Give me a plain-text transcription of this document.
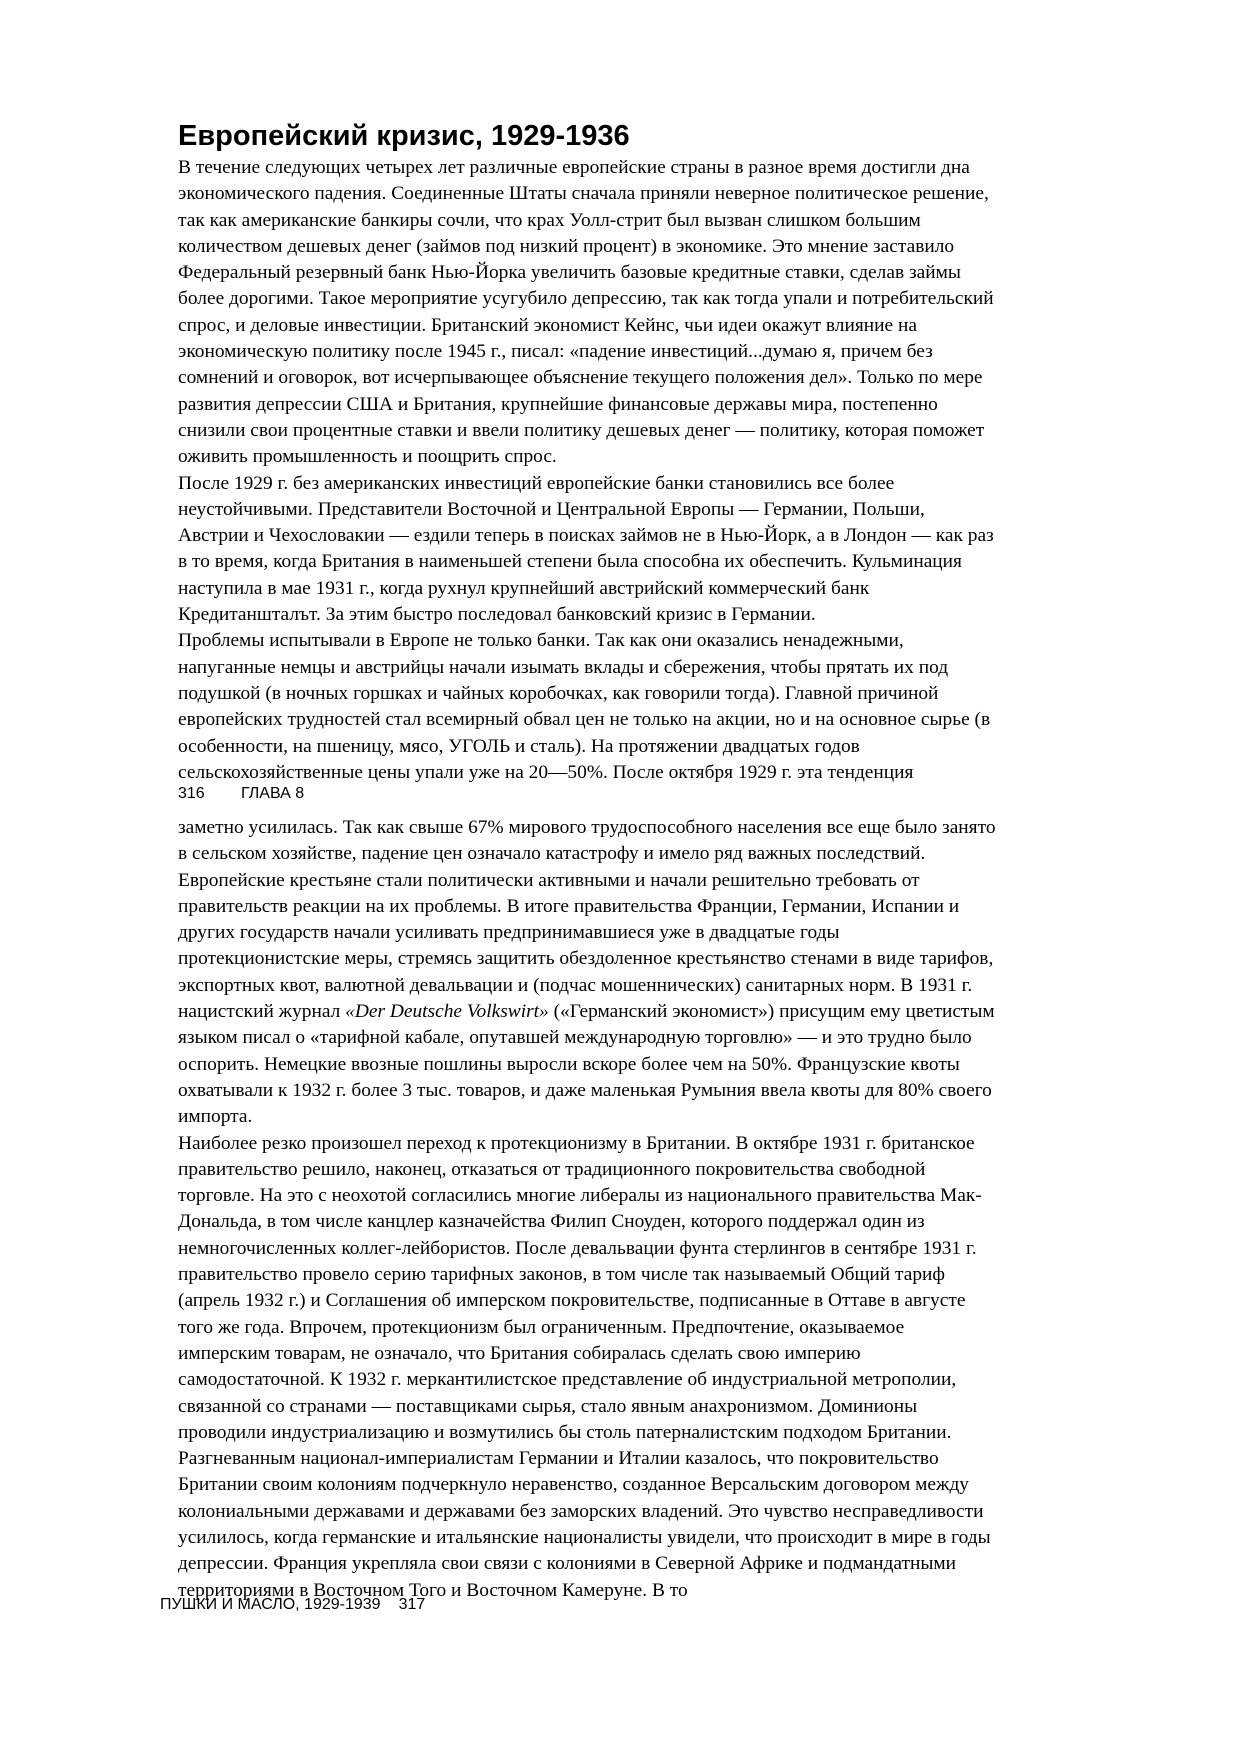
Европейский кризис, 1929-1936

В течение следующих четырех лет различные европейские страны в разное время достигли дна
экономического падения. Соединенные Штаты сначала приняли неверное политическое решение,
так как американские банкиры сочли, что крах Уолл-стрит был вызван слишком большим
количеством дешевых денег (займов под низкий процент) в экономике. Это мнение заставило
Федеральный резервный банк Нью-Йорка увеличить базовые кредитные ставки, сделав займы
более дорогими. Такое мероприятие усугубило депрессию, так как тогда упали и потребительский
спрос, и деловые инвестиции. Британский экономист Кейнс, чьи идеи окажут влияние на
экономическую политику после 1945 г., писал: «падение инвестиций...думаю я, причем без
сомнений и оговорок, вот исчерпывающее объяснение текущего положения дел». Только по мере
развития депрессии США и Британия, крупнейшие финансовые державы мира, постепенно
снизили свои процентные ставки и ввели политику дешевых денег — политику, которая поможет
оживить промышленность и поощрить спрос.

После 1929 г. без американских инвестиций европейские банки становились все более
неустойчивыми. Представители Восточной и Центральной Европы — Германии, Польши,
Австрии и Чехословакии — ездили теперь в поисках займов не в Нью-Йорк, а в Лондон — как раз
в то время, когда Британия в наименьшей степени была способна их обеспечить. Кульминация
наступила в мае 1931 г., когда рухнул крупнейший австрийский коммерческий банк
Кредитаншталът. За этим быстро последовал банковский кризис в Германии.

Проблемы испытывали в Европе не только банки. Так как они оказались ненадежными,
напуганные немцы и австрийцы начали изымать вклады и сбережения, чтобы прятать их под
подушкой (в ночных горшках и чайных коробочках, как говорили тогда). Главной причиной
европейских трудностей стал всемирный обвал цен не только на акции, но и на основное сырье (в
особенности, на пшеницу, мясо, УГОЛЬ и сталь). На протяжении двадцатых годов
сельскохозяйственные цены упали уже на 20—50%. После октября 1929 г. эта тенденция

316 ГЛАВА 8

заметно усилилась. Так как свыше 67% мирового трудоспособного населения все еще было занято
в сельском хозяйстве, падение цен означало катастрофу и имело ряд важных последствий.
Европейские крестьяне стали политически активными и начали решительно требовать от
правительств реакции на их проблемы. В итоге правительства Франции, Германии, Испании и
других государств начали усиливать предпринимавшиеся уже в двадцатые годы
протекционистские меры, стремясь защитить обездоленное крестьянство стенами в виде тарифов,
экспортных квот, валютной девальвации и (подчас мошеннических) санитарных норм. В 1931 г.
нацистский журнал «Der Deutsche Volkswirt» («Германский экономист») присущим ему цветистым
языком писал о «тарифной кабале, опутавшей международную торговлю» — и это трудно было
оспорить. Немецкие ввозные пошлины выросли вскоре более чем на 50%. Французские квоты
охватывали к 1932 г. более 3 тыс. товаров, и даже маленькая Румыния ввела квоты для 80% своего
импорта.

Наиболее резко произошел переход к протекционизму в Британии. В октябре 1931 г. британское
правительство решило, наконец, отказаться от традиционного покровительства свободной
торговле. На это с неохотой согласились многие либералы из национального правительства Мак-
Дональда, в том числе канцлер казначейства Филип Сноуден, которого поддержал один из
немногочисленных коллег-лейбористов. После девальвации фунта стерлингов в сентябре 1931 г.
правительство провело серию тарифных законов, в том числе так называемый Общий тариф
(апрель 1932 г.) и Соглашения об имперском покровительстве, подписанные в Оттаве в августе
того же года. Впрочем, протекционизм был ограниченным. Предпочтение, оказываемое
имперским товарам, не означало, что Британия собиралась сделать свою империю
самодостаточной. К 1932 г. меркантилистское представление об индустриальной метрополии,
связанной со странами — поставщиками сырья, стало явным анахронизмом. Доминионы
проводили индустриализацию и возмутились бы столь патерналистским подходом Британии.
Разгневанным национал-империалистам Германии и Италии казалось, что покровительство
Британии своим колониям подчеркнуло неравенство, созданное Версальским договором между
колониальными державами и державами без заморских владений. Это чувство несправедливости
усилилось, когда германские и итальянские националисты увидели, что происходит в мире в годы
депрессии. Франция укрепляла свои связи с колониями в Северной Африке и подмандатными
территориями в Восточном Того и Восточном Камеруне. В то

ПУШКИ И МАСЛО, 1929-1939 317
